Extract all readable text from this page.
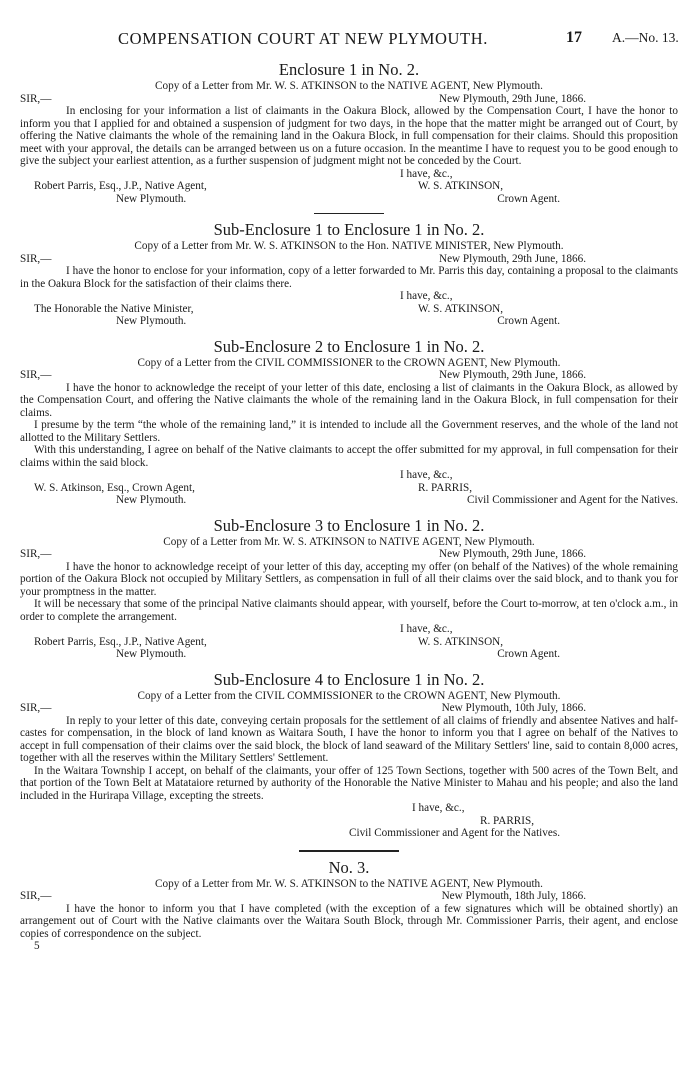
COMPENSATION COURT AT NEW PLYMOUTH.	17 A.—No. 13.
Enclosure 1 in No. 2.
Copy of a Letter from Mr. W. S. ATKINSON to the NATIVE AGENT, New Plymouth.
SIR,—	New Plymouth, 29th June, 1866.

In enclosing for your information a list of claimants in the Oakura Block, allowed by the Compensation Court, I have the honor to inform you that I applied for and obtained a suspension of judgment for two days, in the hope that the matter might be arranged out of Court, by offering the Native claimants the whole of the remaining land in the Oakura Block, in full compensation for their claims. Should this proposition meet with your approval, the details can be arranged between us on a future occasion. In the meantime I have to request you to be good enough to give the subject your earliest attention, as a further suspension of judgment might not be conceded by the Court.

I have, &c.,
Robert Parris, Esq., J.P., Native Agent,	W. S. ATKINSON,
New Plymouth.	Crown Agent.
Sub-Enclosure 1 to Enclosure 1 in No. 2.
Copy of a Letter from Mr. W. S. ATKINSON to the Hon. NATIVE MINISTER, New Plymouth.
SIR,—	New Plymouth, 29th June, 1866.

I have the honor to enclose for your information, copy of a letter forwarded to Mr. Parris this day, containing a proposal to the claimants in the Oakura Block for the satisfaction of their claims there.

I have, &c.,
The Honorable the Native Minister,	W. S. ATKINSON,
New Plymouth.	Crown Agent.
Sub-Enclosure 2 to Enclosure 1 in No. 2.
Copy of a Letter from the CIVIL COMMISSIONER to the CROWN AGENT, New Plymouth.
SIR,—	New Plymouth, 29th June, 1866.

I have the honor to acknowledge the receipt of your letter of this date, enclosing a list of claimants in the Oakura Block, as allowed by the Compensation Court, and offering the Native claimants the whole of the remaining land in the Oakura Block, in full compensation for their claims.

I presume by the term “the whole of the remaining land,” it is intended to include all the Government reserves, and the whole of the land not allotted to the Military Settlers.

With this understanding, I agree on behalf of the Native claimants to accept the offer submitted for my approval, in full compensation for their claims within the said block.

I have, &c.,
W. S. Atkinson, Esq., Crown Agent,	R. PARRIS,
New Plymouth.	Civil Commissioner and Agent for the Natives.
Sub-Enclosure 3 to Enclosure 1 in No. 2.
Copy of a Letter from Mr. W. S. ATKINSON to NATIVE AGENT, New Plymouth.
SIR,—	New Plymouth, 29th June, 1866.

I have the honor to acknowledge receipt of your letter of this day, accepting my offer (on behalf of the Natives) of the whole remaining portion of the Oakura Block not occupied by Military Settlers, as compensation in full of all their claims over the said block, and to thank you for your promptness in the matter.

It will be necessary that some of the principal Native claimants should appear, with yourself, before the Court to-morrow, at ten o'clock a.m., in order to complete the arrangement.

I have, &c.,
Robert Parris, Esq., J.P., Native Agent,	W. S. ATKINSON,
New Plymouth.	Crown Agent.
Sub-Enclosure 4 to Enclosure 1 in No. 2.
Copy of a Letter from the CIVIL COMMISSIONER to the CROWN AGENT, New Plymouth.
SIR,—	New Plymouth, 10th July, 1866.

In reply to your letter of this date, conveying certain proposals for the settlement of all claims of friendly and absentee Natives and half-castes for compensation, in the block of land known as Waitara South, I have the honor to inform you that I agree on behalf of the Natives to accept in full compensation of their claims over the said block, the block of land seaward of the Military Settlers' line, said to contain 8,000 acres, together with all the reserves within the Military Settlers' Settlement.

In the Waitara Township I accept, on behalf of the claimants, your offer of 125 Town Sections, together with 500 acres of the Town Belt, and that portion of the Town Belt at Matataiore returned by authority of the Honorable the Native Minister to Mahau and his people; and also the land included in the Hurirapa Village, excepting the streets.

I have, &c.,
R. PARRIS,
Civil Commissioner and Agent for the Natives.
No. 3.
Copy of a Letter from Mr. W. S. ATKINSON to the NATIVE AGENT, New Plymouth.
SIR,—	New Plymouth, 18th July, 1866.

I have the honor to inform you that I have completed (with the exception of a few signatures which will be obtained shortly) an arrangement out of Court with the Native claimants over the Waitara South Block, through Mr. Commissioner Parris, their agent, and enclose copies of correspondence on the subject.

5
